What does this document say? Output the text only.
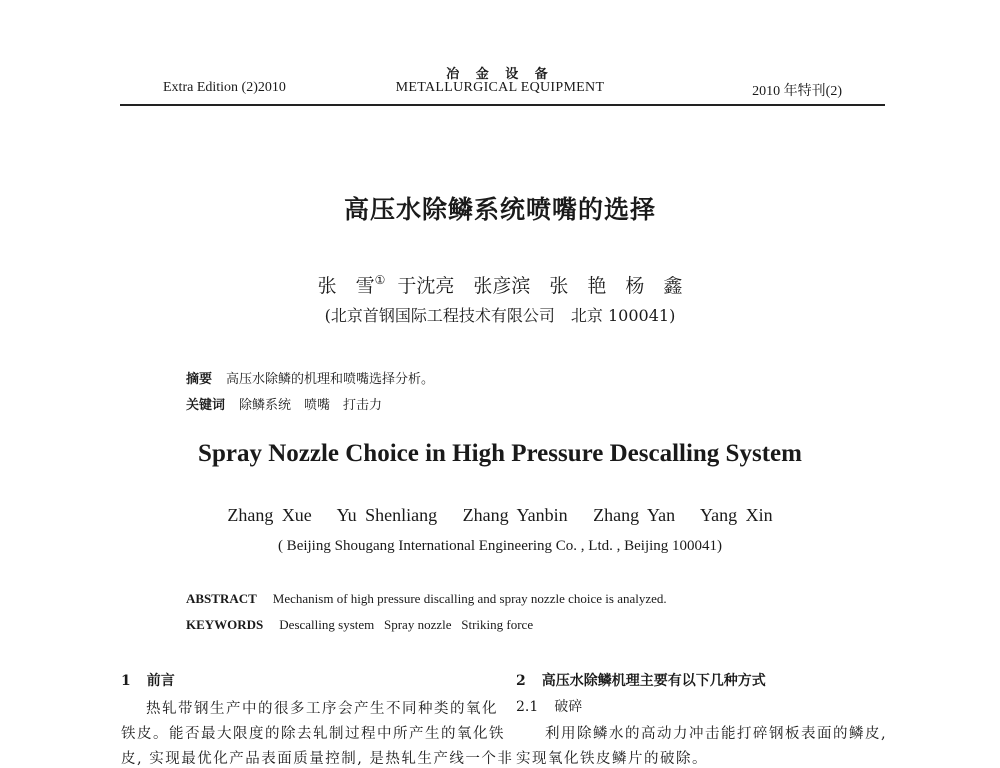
Extra Edition (2)2010
冶 金 设 备
METALLURGICAL EQUIPMENT	2010 年特刊(2)
高压水除鳞系统喷嘴的选择
张　雪① 于沈亮　张彦滨　张　艳　杨　鑫
(北京首钢国际工程技术有限公司　北京 100041)
摘要 高压水除鳞的机理和喷嘴选择分析。
关键词 除鳞系统　喷嘴　打击力
Spray Nozzle Choice in High Pressure Descalling System
Zhang Xue   Yu Shenliang   Zhang Yanbin   Zhang Yan   Yang Xin
( Beijing Shougang International Engineering Co. , Ltd. , Beijing 100041)
ABSTRACT Mechanism of high pressure discalling and spray nozzle choice is analyzed.
KEYWORDS Descalling system   Spray nozzle   Striking force
1 前言
热轧带钢生产中的很多工序会产生不同种类的氧化
铁皮。能否最大限度的除去轧制过程中所产生的氧化铁
皮, 实现最优化产品表面质量控制, 是热轧生产线一个非
2 高压水除鳞机理主要有以下几种方式
2.1 破碎
利用除鳞水的高动力冲击能打碎钢板表面的鳞皮,
实现氧化铁皮鳞片的破除。
